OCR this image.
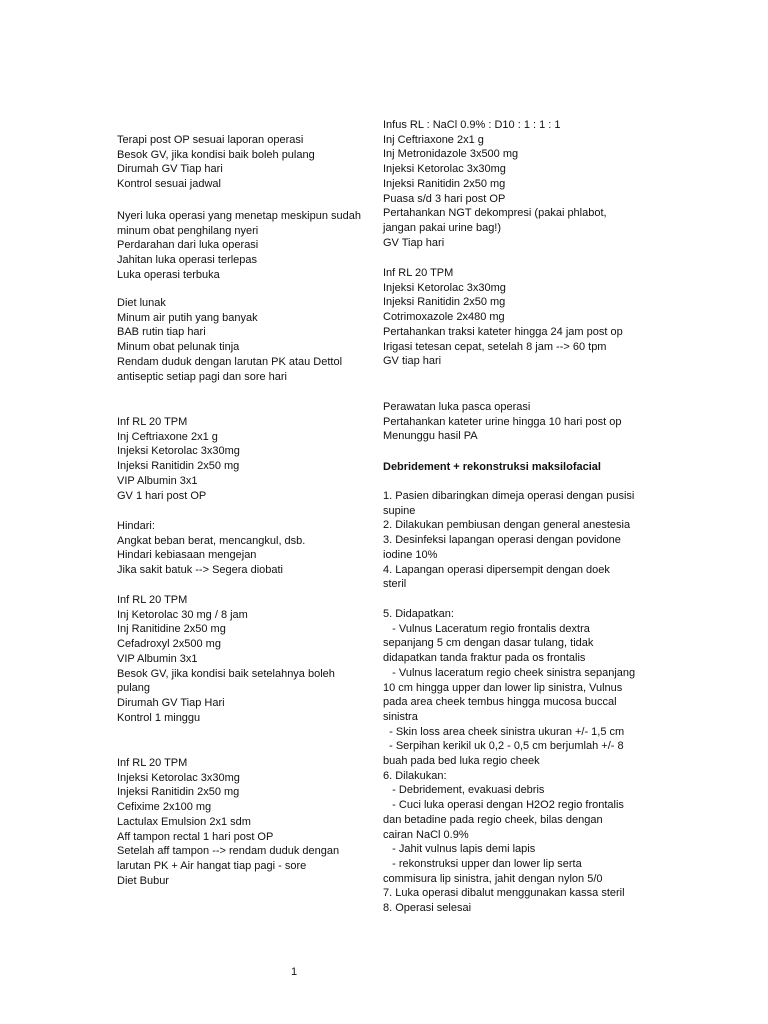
Terapi post OP sesuai laporan operasi

Besok GV, jika kondisi baik boleh pulang

Dirumah GV Tiap hari

Kontrol sesuai jadwal

Nyeri luka operasi yang menetap meskipun sudah

minum obat penghilang nyeri

Perdarahan dari luka operasi

Jahitan luka operasi terlepas

Luka operasi terbuka

Diet lunak

Minum air putih yang banyak

BAB rutin tiap hari

Minum obat pelunak tinja

Rendam duduk dengan larutan PK atau Dettol

antiseptic setiap pagi dan sore hari

Inf RL 20 TPM

Inj Ceftriaxone 2x1 g

Injeksi Ketorolac 3x30mg

Injeksi Ranitidin 2x50 mg

VIP Albumin 3x1

GV 1 hari post OP

Hindari:

Angkat beban berat, mencangkul, dsb.

Hindari kebiasaan mengejan

Jika sakit batuk --> Segera diobati

Inf RL 20 TPM

Inj Ketorolac 30 mg / 8 jam

Inj Ranitidine 2x50 mg

Cefadroxyl 2x500 mg

VIP Albumin 3x1

Besok GV, jika kondisi baik setelahnya boleh

pulang

Dirumah GV Tiap Hari

Kontrol 1 minggu

Inf RL 20 TPM

Injeksi Ketorolac 3x30mg

Injeksi Ranitidin 2x50 mg

Cefixime 2x100 mg

Lactulax Emulsion 2x1 sdm

Aff tampon rectal 1 hari post OP

Setelah aff tampon --> rendam duduk dengan

larutan PK + Air hangat tiap pagi - sore

Diet Bubur

Infus RL : NaCl 0.9% : D10 : 1 : 1 : 1

Inj Ceftriaxone 2x1 g

Inj Metronidazole 3x500 mg

Injeksi Ketorolac 3x30mg

Injeksi Ranitidin 2x50 mg

Puasa s/d 3 hari post OP

Pertahankan NGT dekompresi (pakai phlabot,

jangan pakai urine bag!)

GV Tiap hari

Inf RL 20 TPM

Injeksi Ketorolac 3x30mg

Injeksi Ranitidin 2x50 mg

Cotrimoxazole 2x480 mg

Pertahankan traksi kateter hingga 24 jam post op

Irigasi tetesan cepat, setelah 8 jam --> 60 tpm

GV tiap hari

Perawatan luka pasca operasi

Pertahankan kateter urine hingga 10 hari post op

Menunggu hasil PA

Debridement + rekonstruksi maksilofacial

1. Pasien dibaringkan dimeja operasi dengan pusisi

supine

2. Dilakukan pembiusan dengan general anestesia

3. Desinfeksi lapangan operasi dengan povidone

iodine 10%

4. Lapangan operasi dipersempit dengan doek

steril

5. Didapatkan:

- Vulnus Laceratum regio frontalis dextra

sepanjang 5 cm dengan dasar tulang, tidak

didapatkan tanda fraktur pada os frontalis

- Vulnus laceratum regio cheek sinistra sepanjang

10 cm hingga upper dan lower lip sinistra, Vulnus

pada area cheek tembus hingga mucosa buccal

sinistra

- Skin loss area cheek sinistra ukuran +/- 1,5 cm

- Serpihan kerikil uk 0,2 - 0,5 cm berjumlah +/- 8

buah pada bed luka regio cheek

6. Dilakukan:

- Debridement, evakuasi debris

- Cuci luka operasi dengan H2O2 regio frontalis

dan betadine pada regio cheek, bilas dengan

cairan NaCl 0.9%

- Jahit vulnus lapis demi lapis

- rekonstruksi upper dan lower lip serta

commisura lip sinistra, jahit dengan nylon 5/0

7. Luka operasi dibalut menggunakan kassa steril

8. Operasi selesai

1
